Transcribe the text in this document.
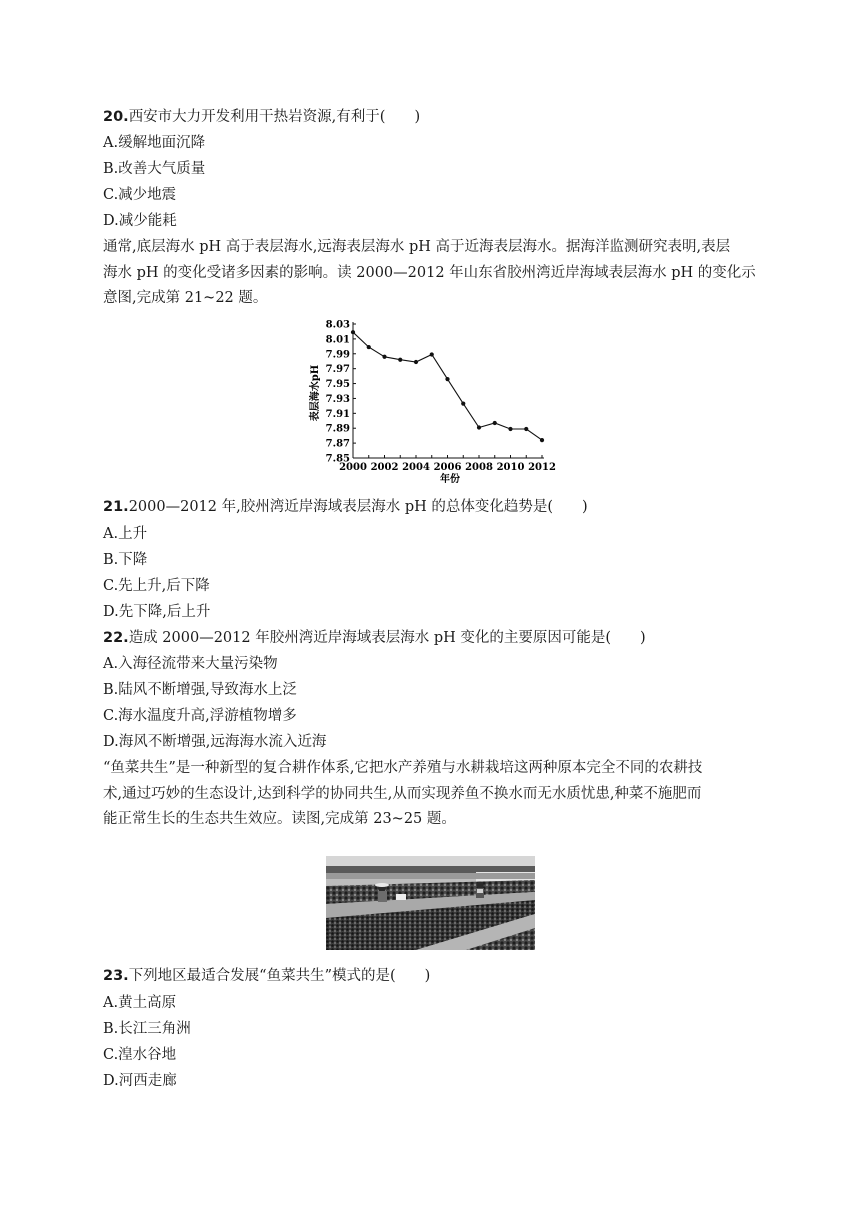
20.西安市大力开发利用干热岩资源,有利于(　　)
A.缓解地面沉降
B.改善大气质量
C.减少地震
D.减少能耗

通常,底层海水 pH 高于表层海水,远海表层海水 pH 高于近海表层海水。据海洋监测研究表明,表层

海水 pH 的变化受诸多因素的影响。读 2000—2012 年山东省胶州湾近岸海域表层海水 pH 的变化示

意图,完成第 21~22 题。

8.03
8.01
7.99
7.97
7.95
7.93
7.91
7.89
7.87
7.85
2000 2002 2004 2006 2008 2010 2012
表层海水pH
年份
21.2000—2012 年,胶州湾近岸海域表层海水 pH 的总体变化趋势是(　　)
A.上升
B.下降
C.先上升,后下降
D.先下降,后上升
22.造成 2000—2012 年胶州湾近岸海域表层海水 pH 变化的主要原因可能是(　　)
A.入海径流带来大量污染物
B.陆风不断增强,导致海水上泛
C.海水温度升高,浮游植物增多
D.海风不断增强,远海海水流入近海

“鱼菜共生”是一种新型的复合耕作体系,它把水产养殖与水耕栽培这两种原本完全不同的农耕技

术,通过巧妙的生态设计,达到科学的协同共生,从而实现养鱼不换水而无水质忧患,种菜不施肥而

能正常生长的生态共生效应。读图,完成第 23~25 题。

23.下列地区最适合发展“鱼菜共生”模式的是(　　)
A.黄土高原
B.长江三角洲
C.湟水谷地
D.河西走廊
